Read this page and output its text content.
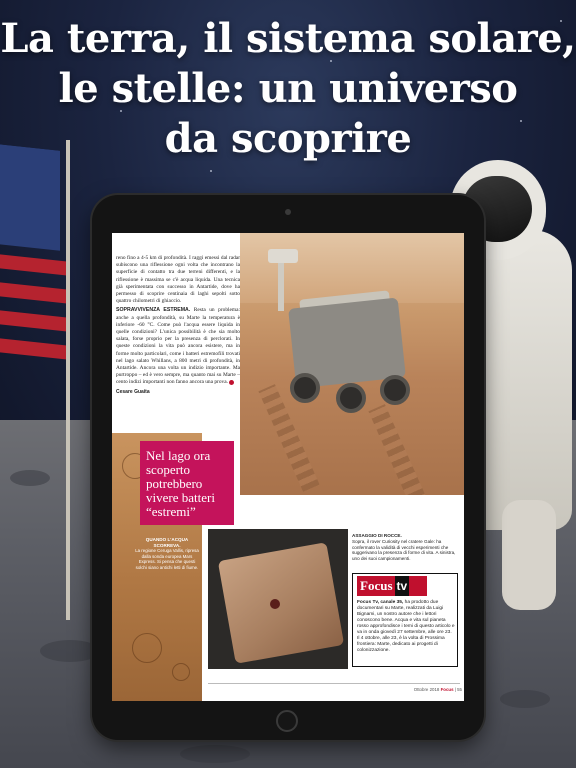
La terra, il sistema solare,
le stelle: un universo
da scoprire

reno fino a 4-5 km di profondità. I raggi emessi dal radar subiscono una riflessione ogni volta che incontrano la superficie di contatto tra due terreni differenti, e la riflessione è massima se c'è acqua liquida. Una tecnica già sperimentata con successo in Antartide, dove ha permesso di scoprire centinaia di laghi sepolti sotto quattro chilometri di ghiaccio.

SOPRAVVIVENZA ESTREMA. Resta un problema: anche a quella profondità, su Marte la temperatura è inferiore -60 °C. Come può l'acqua essere liquida in quelle condizioni? L'unica possibilità è che sia molto salata, forse proprio per la presenza di perclorati. In queste condizioni la vita può ancora esistere, ma in forme molto particolari, come i batteri estremofili trovati nel lago salato Whillans, a 800 metri di profondità, in Antartide. Ancora una volta un indizio importante. Ma purtroppo – ed è vero sempre, ma quanto mai su Marte – cento indizi importanti non fanno ancora una prova.

Cesare Guaita

QUANDO L'ACQUA SCORREVA.
La regione Ceruga Vallis, ripresa dalla sonda europea Mars Express. Si pensa che questi solchi siano antichi letti di fiume.
Nel lago ora scoperto potrebbero vivere batteri “estremi”
ASSAGGIO DI ROCCE.
Sopra, il rover Curiosity nel cratere Gale: ha confermato la validità di vecchi esperimenti che suggerivano la presenza di forme di vita. A sinistra, uno dei suoi campionamenti.
Focus tv
Focus Tv, canale 35, ha prodotto due documentari su Marte, realizzati da Luigi Bignami, un nostro autore che i lettori conoscono bene. Acqua e vita sul pianeta rosso approfondisce i temi di questo articolo e va in onda giovedì 27 settembre, alle ore 23. Il 4 ottobre, alle 23, è la volta di Prossima frontiera: Marte, dedicato ai progetti di colonizzazione.
Ottobre 2018 Focus | 55
